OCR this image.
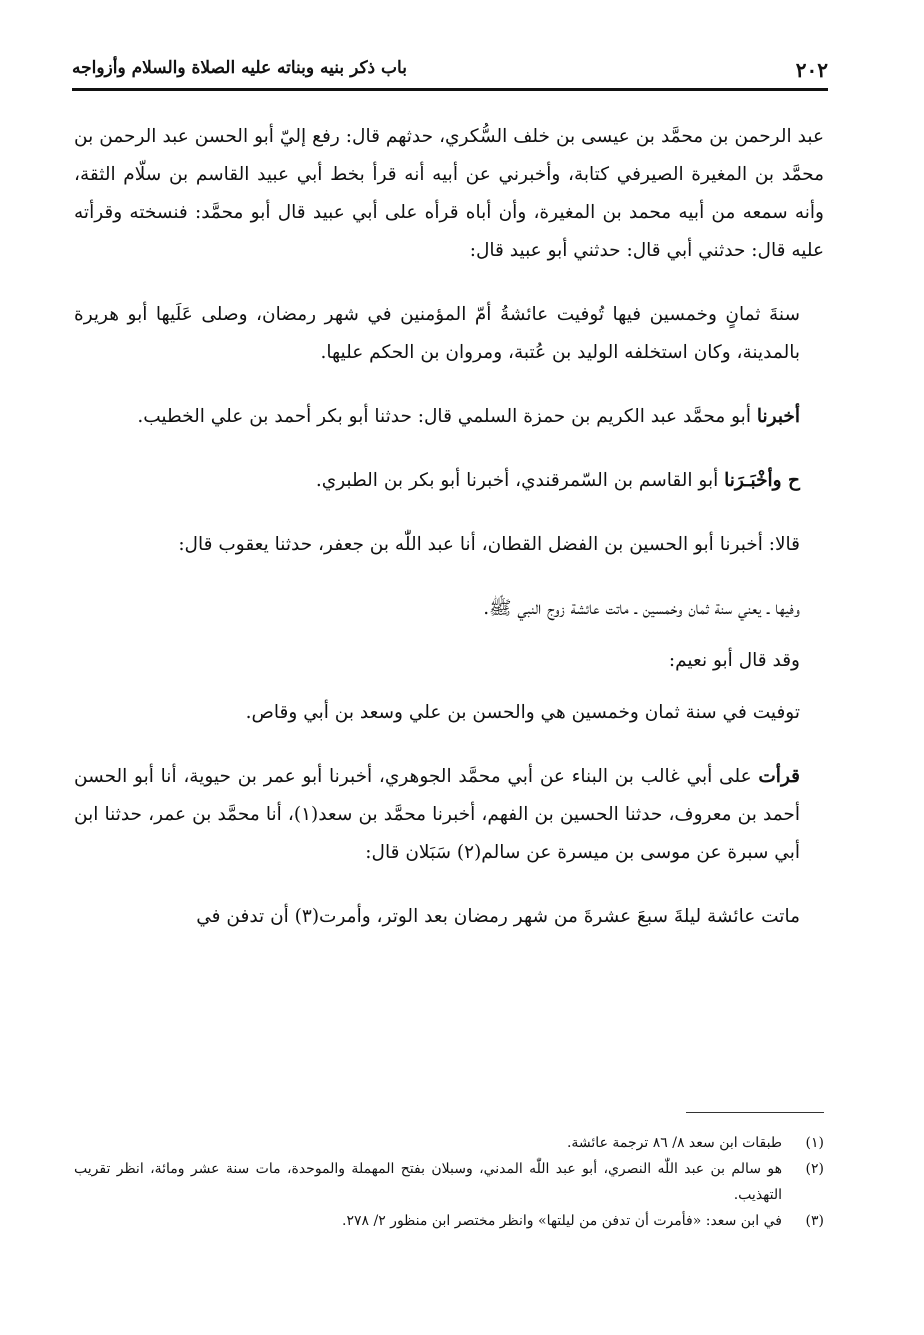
٢٠٢
باب ذكر بنيه وبناته عليه الصلاة والسلام وأزواجه

عبد الرحمن بن محمَّد بن عيسى بن خلف السُّكري، حدثهم قال: رفع إليّ أبو الحسن عبد الرحمن بن محمَّد بن المغيرة الصيرفي كتابة، وأخبرني عن أبيه أنه قرأ بخط أبي عبيد القاسم بن سلّام الثقة، وأنه سمعه من أبيه محمد بن المغيرة، وأن أباه قرأه على أبي عبيد قال أبو محمَّد: فنسخته وقرأته عليه قال: حدثني أبي قال: حدثني أبو عبيد قال:

سنةَ ثمانٍ وخمسين فيها تُوفيت عائشةُ أمّ المؤمنين في شهر رمضان، وصلى عَلَيها أبو هريرة بالمدينة، وكان استخلفه الوليد بن عُتبة، ومروان بن الحكم عليها.

أخبرنا أبو محمَّد عبد الكريم بن حمزة السلمي قال: حدثنا أبو بكر أحمد بن علي الخطيب.

ح وأخْبَـرَنا أبو القاسم بن السّمرقندي، أخبرنا أبو بكر بن الطبري.

قالا: أخبرنا أبو الحسين بن الفضل القطان، أنا عبد اللّٰه بن جعفر، حدثنا يعقوب قال:

وفيها ـ يعني سنة ثمان وخمسين ـ ماتت عائشة زوج النبي ﷺ.

وقد قال أبو نعيم:

توفيت في سنة ثمان وخمسين هي والحسن بن علي وسعد بن أبي وقاص.

قرأت على أبي غالب بن البناء عن أبي محمَّد الجوهري، أخبرنا أبو عمر بن حيوية، أنا أبو الحسن أحمد بن معروف، حدثنا الحسين بن الفهم، أخبرنا محمَّد بن سعد(١)، أنا محمَّد بن عمر، حدثنا ابن أبي سبرة عن موسى بن ميسرة عن سالم(٢) سَبَلان قال:

ماتت عائشة ليلةَ سبعَ عشرةَ من شهر رمضان بعد الوتر، وأمرت(٣) أن تدفن في

(١)
طبقات ابن سعد ٨/ ٨٦ ترجمة عائشة.
(٢)
هو سالم بن عبد اللّٰه النصري، أبو عبد اللّٰه المدني، وسبلان بفتح المهملة والموحدة، مات سنة عشر ومائة، انظر تقريب التهذيب.
(٣)
في ابن سعد: «فأمرت أن تدفن من ليلتها» وانظر مختصر ابن منظور ٢/ ٢٧٨.
